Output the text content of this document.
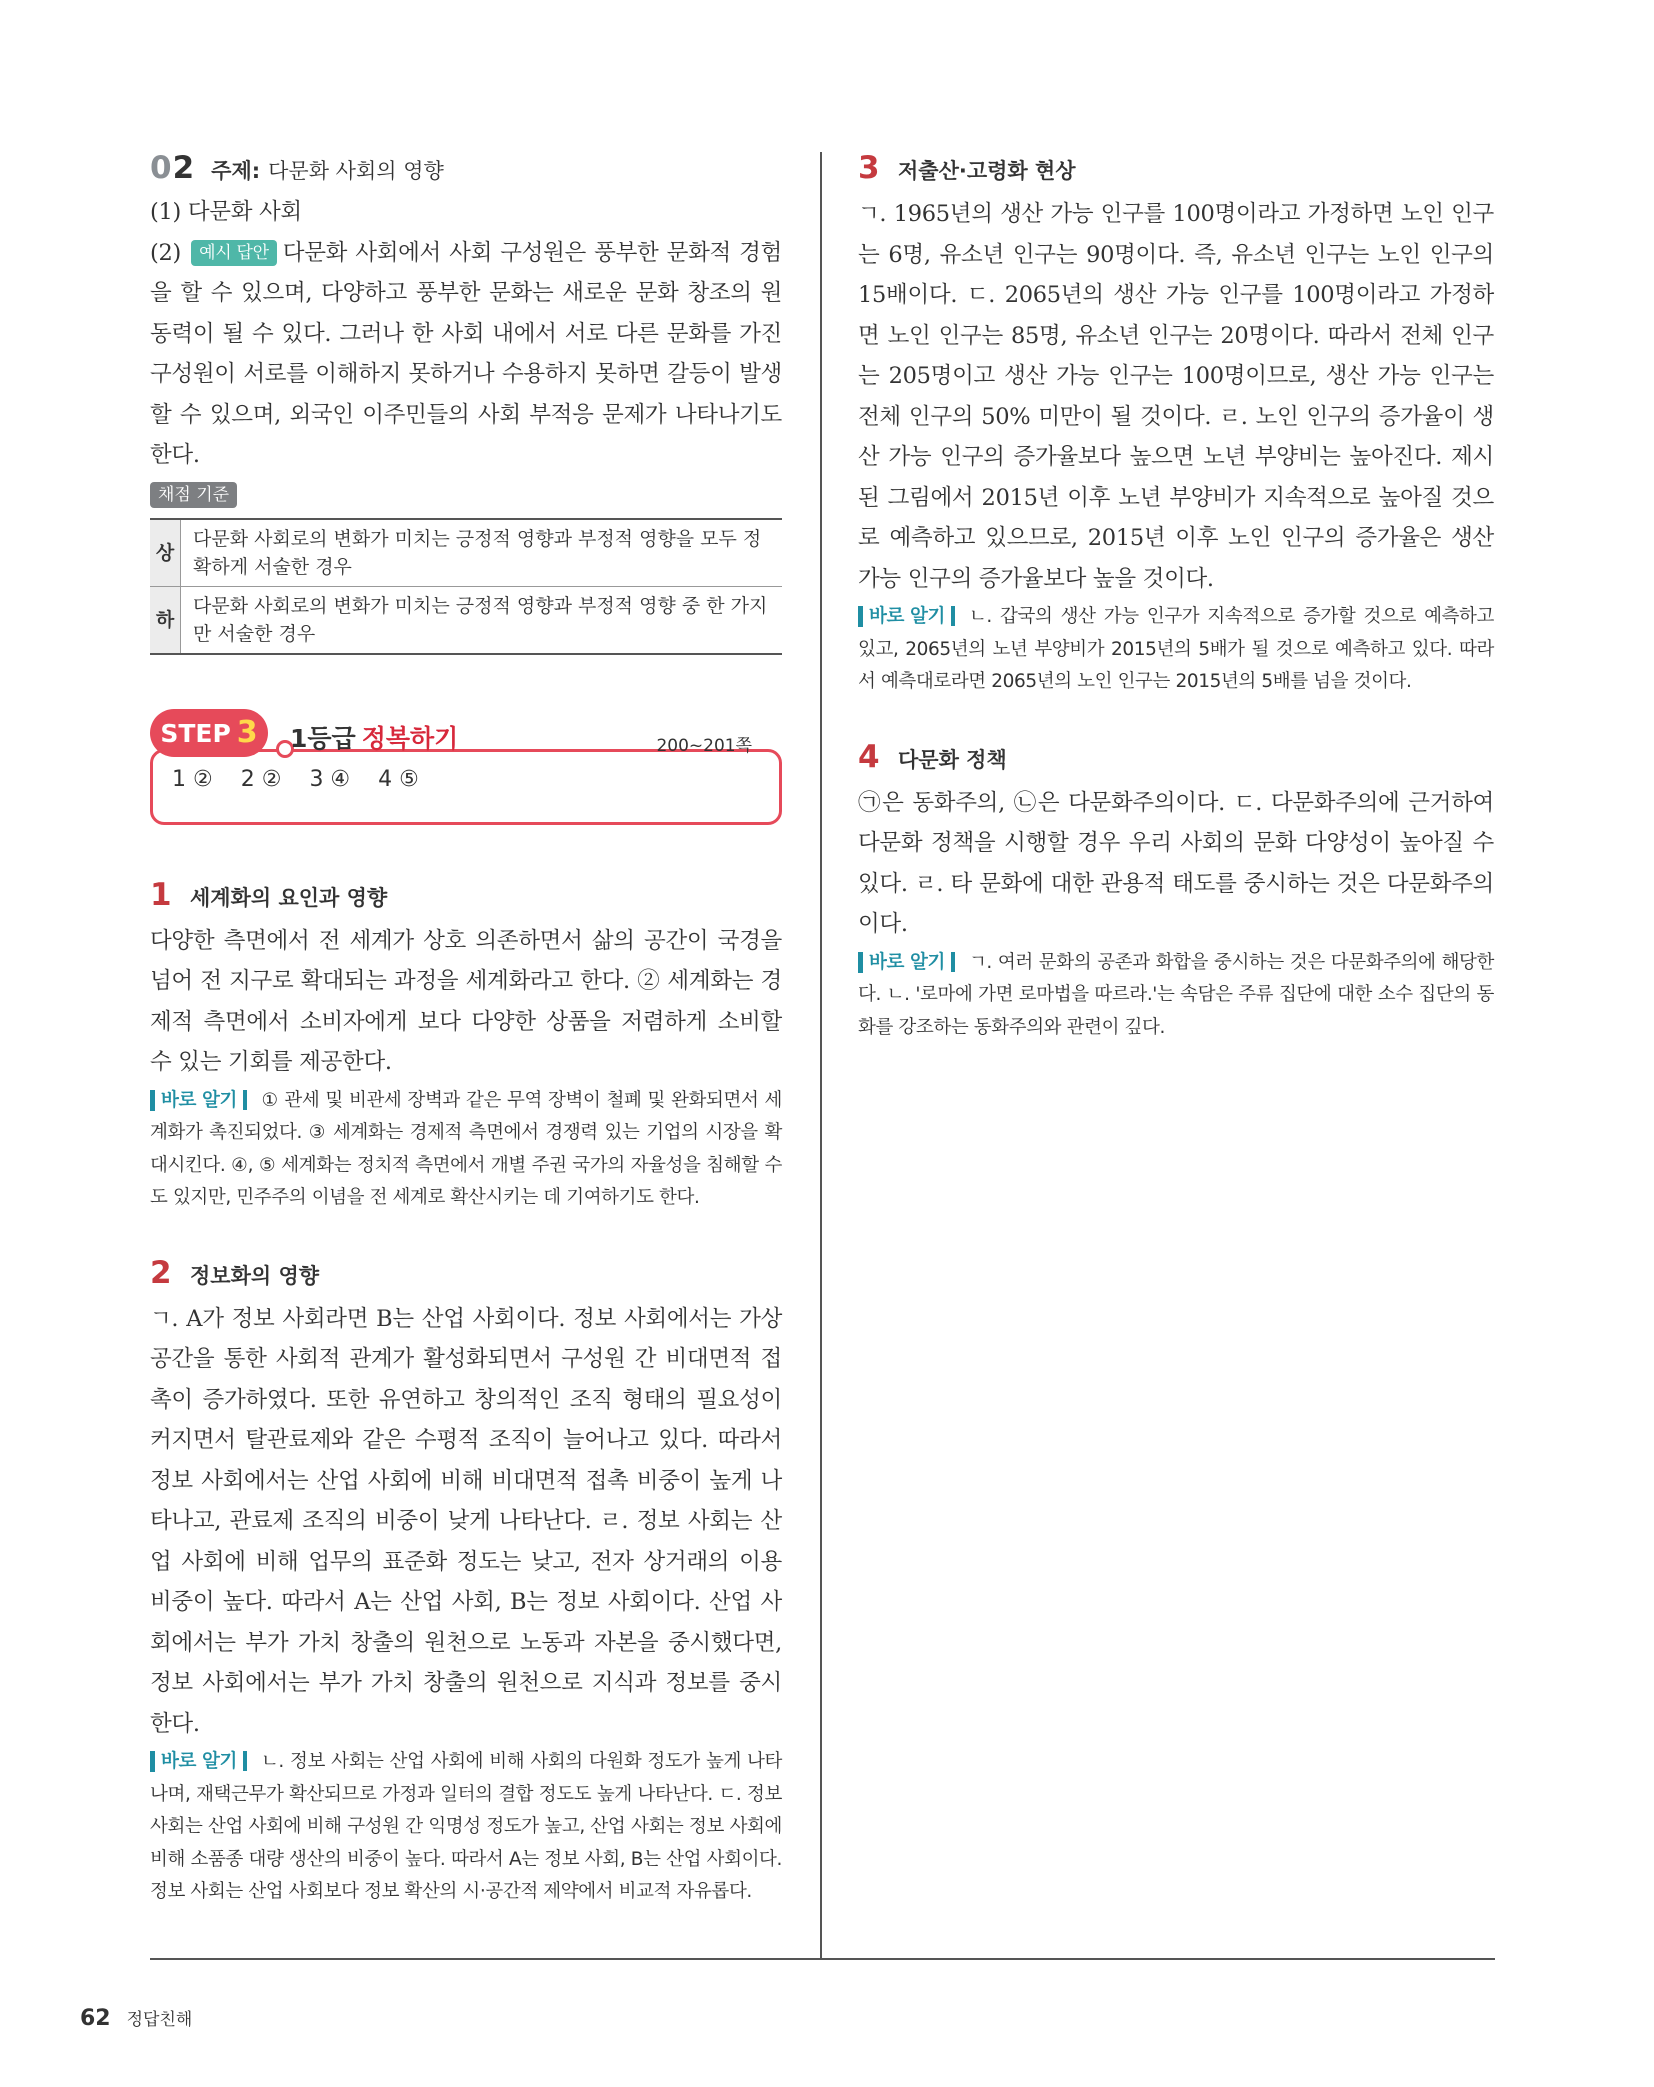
02 주제: 다문화 사회의 영향

(1) 다문화 사회

(2) 예시 답안 다문화 사회에서 사회 구성원은 풍부한 문화적 경험을 할 수 있으며, 다양하고 풍부한 문화는 새로운 문화 창조의 원동력이 될 수 있다. 그러나 한 사회 내에서 서로 다른 문화를 가진 구성원이 서로를 이해하지 못하거나 수용하지 못하면 갈등이 발생할 수 있으며, 외국인 이주민들의 사회 부적응 문제가 나타나기도 한다.

채점 기준
상	다문화 사회로의 변화가 미치는 긍정적 영향과 부정적 영향을 모두 정확하게 서술한 경우
하	다문화 사회로의 변화가 미치는 긍정적 영향과 부정적 영향 중 한 가지만 서술한 경우
STEP 3	1등급 정복하기	200~201쪽
1 ② 2 ② 3 ④ 4 ⑤
1 세계화의 요인과 영향

다양한 측면에서 전 세계가 상호 의존하면서 삶의 공간이 국경을 넘어 전 지구로 확대되는 과정을 세계화라고 한다. ② 세계화는 경제적 측면에서 소비자에게 보다 다양한 상품을 저렴하게 소비할 수 있는 기회를 제공한다.

바로 알기 ① 관세 및 비관세 장벽과 같은 무역 장벽이 철폐 및 완화되면서 세계화가 촉진되었다. ③ 세계화는 경제적 측면에서 경쟁력 있는 기업의 시장을 확대시킨다. ④, ⑤ 세계화는 정치적 측면에서 개별 주권 국가의 자율성을 침해할 수도 있지만, 민주주의 이념을 전 세계로 확산시키는 데 기여하기도 한다.

2 정보화의 영향

ㄱ. A가 정보 사회라면 B는 산업 사회이다. 정보 사회에서는 가상 공간을 통한 사회적 관계가 활성화되면서 구성원 간 비대면적 접촉이 증가하였다. 또한 유연하고 창의적인 조직 형태의 필요성이 커지면서 탈관료제와 같은 수평적 조직이 늘어나고 있다. 따라서 정보 사회에서는 산업 사회에 비해 비대면적 접촉 비중이 높게 나타나고, 관료제 조직의 비중이 낮게 나타난다. ㄹ. 정보 사회는 산업 사회에 비해 업무의 표준화 정도는 낮고, 전자 상거래의 이용 비중이 높다. 따라서 A는 산업 사회, B는 정보 사회이다. 산업 사회에서는 부가 가치 창출의 원천으로 노동과 자본을 중시했다면, 정보 사회에서는 부가 가치 창출의 원천으로 지식과 정보를 중시한다.

바로 알기 ㄴ. 정보 사회는 산업 사회에 비해 사회의 다원화 정도가 높게 나타나며, 재택근무가 확산되므로 가정과 일터의 결합 정도도 높게 나타난다. ㄷ. 정보 사회는 산업 사회에 비해 구성원 간 익명성 정도가 높고, 산업 사회는 정보 사회에 비해 소품종 대량 생산의 비중이 높다. 따라서 A는 정보 사회, B는 산업 사회이다. 정보 사회는 산업 사회보다 정보 확산의 시·공간적 제약에서 비교적 자유롭다.

3 저출산·고령화 현상

ㄱ. 1965년의 생산 가능 인구를 100명이라고 가정하면 노인 인구는 6명, 유소년 인구는 90명이다. 즉, 유소년 인구는 노인 인구의 15배이다. ㄷ. 2065년의 생산 가능 인구를 100명이라고 가정하면 노인 인구는 85명, 유소년 인구는 20명이다. 따라서 전체 인구는 205명이고 생산 가능 인구는 100명이므로, 생산 가능 인구는 전체 인구의 50% 미만이 될 것이다. ㄹ. 노인 인구의 증가율이 생산 가능 인구의 증가율보다 높으면 노년 부양비는 높아진다. 제시된 그림에서 2015년 이후 노년 부양비가 지속적으로 높아질 것으로 예측하고 있으므로, 2015년 이후 노인 인구의 증가율은 생산 가능 인구의 증가율보다 높을 것이다.

바로 알기 ㄴ. 갑국의 생산 가능 인구가 지속적으로 증가할 것으로 예측하고 있고, 2065년의 노년 부양비가 2015년의 5배가 될 것으로 예측하고 있다. 따라서 예측대로라면 2065년의 노인 인구는 2015년의 5배를 넘을 것이다.

4 다문화 정책

㉠은 동화주의, ㉡은 다문화주의이다. ㄷ. 다문화주의에 근거하여 다문화 정책을 시행할 경우 우리 사회의 문화 다양성이 높아질 수 있다. ㄹ. 타 문화에 대한 관용적 태도를 중시하는 것은 다문화주의이다.

바로 알기 ㄱ. 여러 문화의 공존과 화합을 중시하는 것은 다문화주의에 해당한다. ㄴ. '로마에 가면 로마법을 따르라.'는 속담은 주류 집단에 대한 소수 집단의 동화를 강조하는 동화주의와 관련이 깊다.

62 정답친해
